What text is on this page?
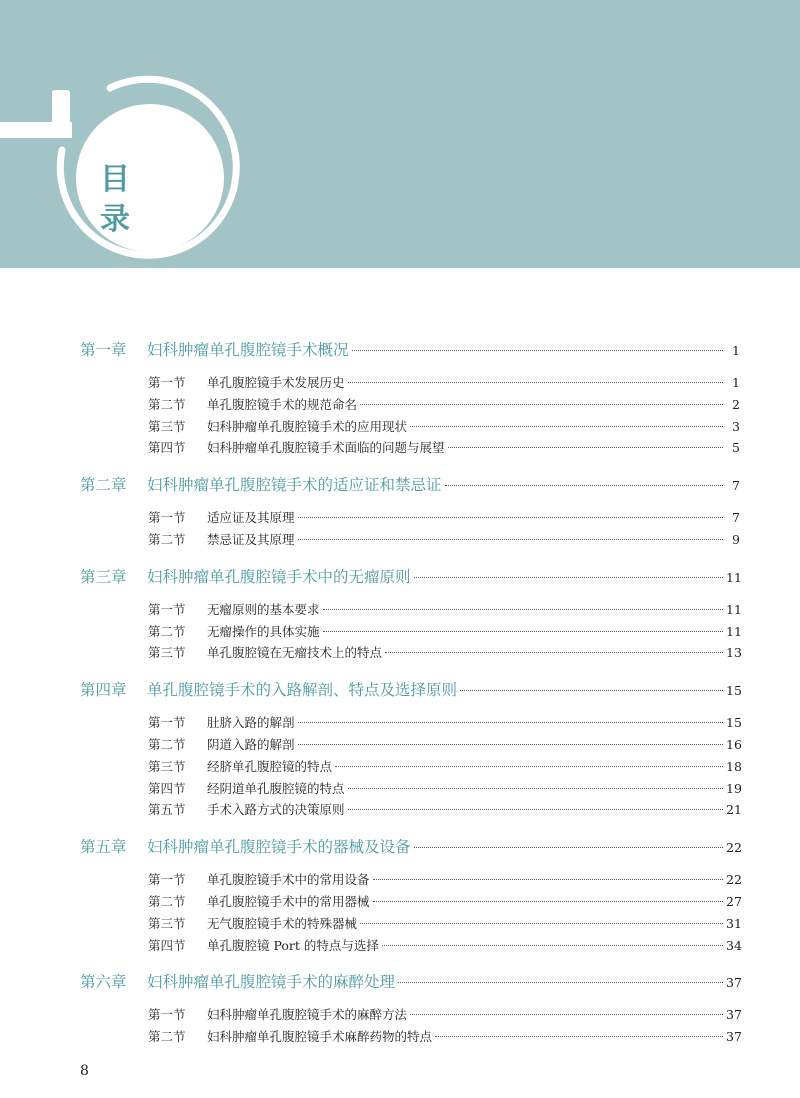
目 录
第一章	妇科肿瘤单孔腹腔镜手术概况	1
第一节	单孔腹腔镜手术发展历史	1
第二节	单孔腹腔镜手术的规范命名	2
第三节	妇科肿瘤单孔腹腔镜手术的应用现状	3
第四节	妇科肿瘤单孔腹腔镜手术面临的问题与展望	5
第二章	妇科肿瘤单孔腹腔镜手术的适应证和禁忌证	7
第一节	适应证及其原理	7
第二节	禁忌证及其原理	9
第三章	妇科肿瘤单孔腹腔镜手术中的无瘤原则	11
第一节	无瘤原则的基本要求	11
第二节	无瘤操作的具体实施	11
第三节	单孔腹腔镜在无瘤技术上的特点	13
第四章	单孔腹腔镜手术的入路解剖、特点及选择原则	15
第一节	肚脐入路的解剖	15
第二节	阴道入路的解剖	16
第三节	经脐单孔腹腔镜的特点	18
第四节	经阴道单孔腹腔镜的特点	19
第五节	手术入路方式的决策原则	21
第五章	妇科肿瘤单孔腹腔镜手术的器械及设备	22
第一节	单孔腹腔镜手术中的常用设备	22
第二节	单孔腹腔镜手术中的常用器械	27
第三节	无气腹腔镜手术的特殊器械	31
第四节	单孔腹腔镜 Port 的特点与选择	34
第六章	妇科肿瘤单孔腹腔镜手术的麻醉处理	37
第一节	妇科肿瘤单孔腹腔镜手术的麻醉方法	37
第二节	妇科肿瘤单孔腹腔镜手术麻醉药物的特点	37
8
